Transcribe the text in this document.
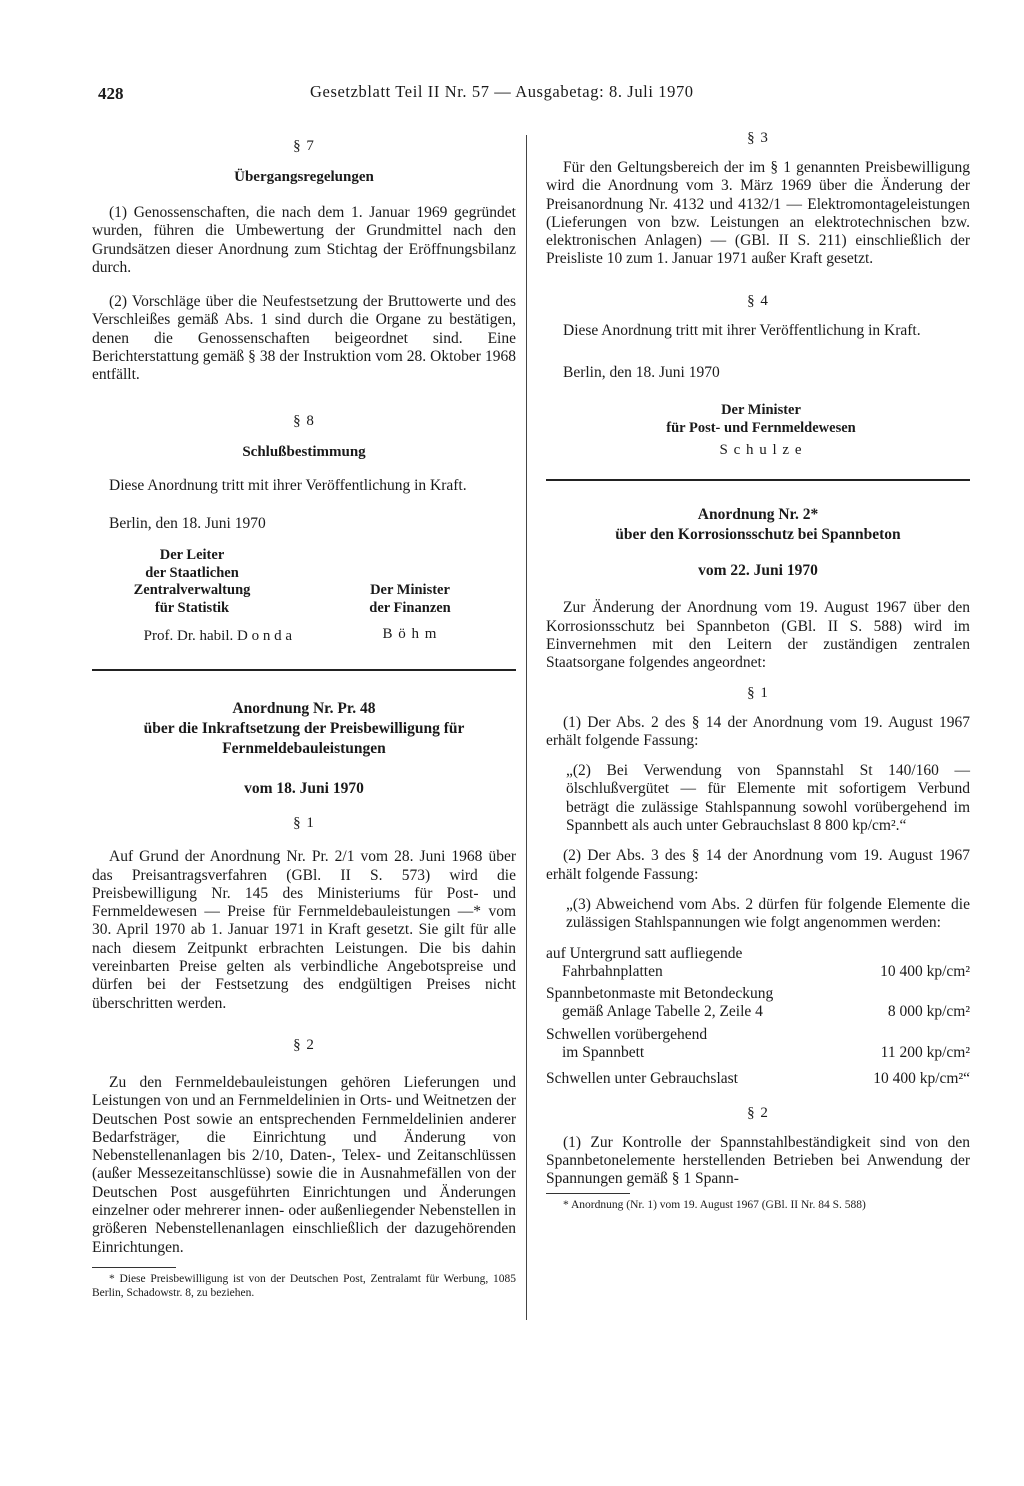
428	Gesetzblatt Teil II Nr. 57 — Ausgabetag: 8. Juli 1970
§ 7
Übergangsregelungen

(1) Genossenschaften, die nach dem 1. Januar 1969 gegründet wurden, führen die Umbewertung der Grundmittel nach den Grundsätzen dieser Anordnung zum Stichtag der Eröffnungsbilanz durch.

(2) Vorschläge über die Neufestsetzung der Bruttowerte und des Verschleißes gemäß Abs. 1 sind durch die Organe zu bestätigen, denen die Genossenschaften beigeordnet sind. Eine Berichterstattung gemäß § 38 der Instruktion vom 28. Oktober 1968 entfällt.

§ 8
Schlußbestimmung

Diese Anordnung tritt mit ihrer Veröffentlichung in Kraft.

Berlin, den 18. Juni 1970

Der Leiter
der Staatlichen
Zentralverwaltung
für Statistik
Prof. Dr. habil. D o n d a
Der Minister
der Finanzen
B ö h m
Anordnung Nr. Pr. 48
über die Inkraftsetzung der Preisbewilligung für
Fernmeldebauleistungen
vom 18. Juni 1970
§ 1

Auf Grund der Anordnung Nr. Pr. 2/1 vom 28. Juni 1968 über das Preisantragsverfahren (GBl. II S. 573) wird die Preisbewilligung Nr. 145 des Ministeriums für Post- und Fernmeldewesen — Preise für Fernmeldebauleistungen —* vom 30. April 1970 ab 1. Januar 1971 in Kraft gesetzt. Sie gilt für alle nach diesem Zeitpunkt erbrachten Leistungen. Die bis dahin vereinbarten Preise gelten als verbindliche Angebotspreise und dürfen bei der Festsetzung des endgültigen Preises nicht überschritten werden.

§ 2

Zu den Fernmeldebauleistungen gehören Lieferungen und Leistungen von und an Fernmeldelinien in Orts- und Weitnetzen der Deutschen Post sowie an entsprechenden Fernmeldelinien anderer Bedarfsträger, die Einrichtung und Änderung von Nebenstellenanlagen bis 2/10, Daten-, Telex- und Zeitanschlüssen (außer Messezeitanschlüsse) sowie die in Ausnahmefällen von der Deutschen Post ausgeführten Einrichtungen und Änderungen einzelner oder mehrerer innen- oder außenliegender Nebenstellen in größeren Nebenstellenanlagen einschließlich der dazugehörenden Einrichtungen.

* Diese Preisbewilligung ist von der Deutschen Post, Zentralamt für Werbung, 1085 Berlin, Schadowstr. 8, zu beziehen.

§ 3

Für den Geltungsbereich der im § 1 genannten Preisbewilligung wird die Anordnung vom 3. März 1969 über die Änderung der Preisanordnung Nr. 4132 und 4132/1 — Elektromontageleistungen (Lieferungen von bzw. Leistungen an elektrotechnischen bzw. elektronischen Anlagen) — (GBl. II S. 211) einschließlich der Preisliste 10 zum 1. Januar 1971 außer Kraft gesetzt.

§ 4

Diese Anordnung tritt mit ihrer Veröffentlichung in Kraft.

Berlin, den 18. Juni 1970

Der Minister
für Post- und Fernmeldewesen
S c h u l z e
Anordnung Nr. 2*
über den Korrosionsschutz bei Spannbeton
vom 22. Juni 1970

Zur Änderung der Anordnung vom 19. August 1967 über den Korrosionsschutz bei Spannbeton (GBl. II S. 588) wird im Einvernehmen mit den Leitern der zuständigen zentralen Staatsorgane folgendes angeordnet:

§ 1

(1) Der Abs. 2 des § 14 der Anordnung vom 19. August 1967 erhält folgende Fassung:

„(2) Bei Verwendung von Spannstahl St 140/160 — ölschlußvergütet — für Elemente mit sofortigem Verbund beträgt die zulässige Stahlspannung sowohl vorübergehend im Spannbett als auch unter Gebrauchslast 8 800 kp/cm².“

(2) Der Abs. 3 des § 14 der Anordnung vom 19. August 1967 erhält folgende Fassung:

„(3) Abweichend vom Abs. 2 dürfen für folgende Elemente die zulässigen Stahlspannungen wie folgt angenommen werden:

auf Untergrund satt aufliegende
Fahrbahnplatten	10 400 kp/cm²
Spannbetonmaste mit Betondeckung
gemäß Anlage Tabelle 2, Zeile 4	8 000 kp/cm²
Schwellen vorübergehend
im Spannbett	11 200 kp/cm²
Schwellen unter Gebrauchslast	10 400 kp/cm²“
§ 2

(1) Zur Kontrolle der Spannstahlbeständigkeit sind von den Spannbetonelemente herstellenden Betrieben bei Anwendung der Spannungen gemäß § 1 Spann-

* Anordnung (Nr. 1) vom 19. August 1967 (GBl. II Nr. 84 S. 588)
